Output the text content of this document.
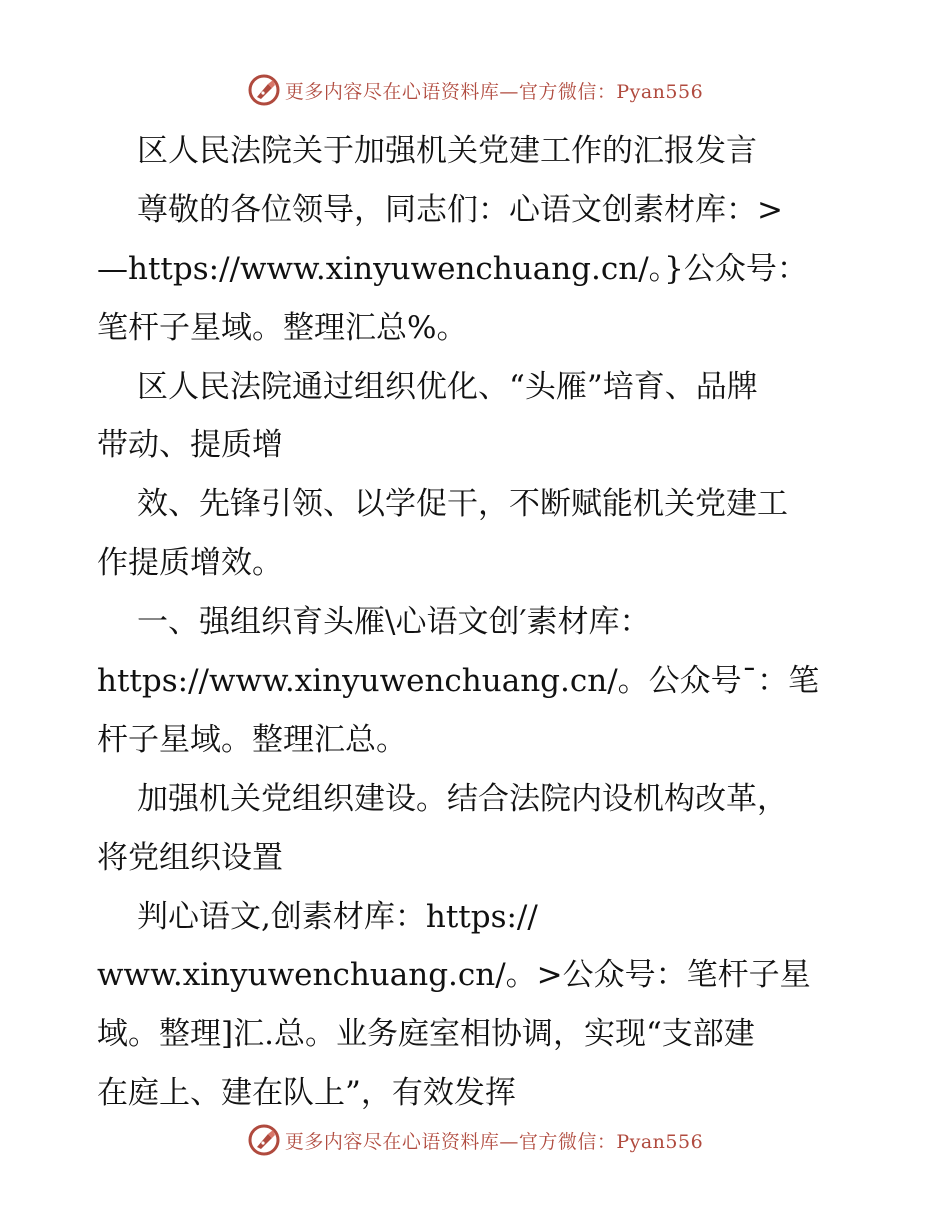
更多内容尽在心语资料库—官方微信：Pyan556
区人民法院关于加强机关党建工作的汇报发言
尊敬的各位领导，同志们：心语文创素材库：>
—https://www.xinyuwenchuang.cn/。}公众号：
笔杆子星域。整理汇总%。
区人民法院通过组织优化、“头雁”培育、品牌
带动、提质增
效、先锋引领、以学促干，不断赋能机关党建工
作提质增效。
一、强组织育头雁\心语文创′素材库：
https://www.xinyuwenchuang.cn/。公众号¯：笔
杆子星域。整理汇总。
加强机关党组织建设。结合法院内设机构改革，
将党组织设置
判心语文,创素材库：https://
www.xinyuwenchuang.cn/。>公众号：笔杆子星
域。整理]汇.总。业务庭室相协调，实现“支部建
在庭上、建在队上”，有效发挥
更多内容尽在心语资料库—官方微信：Pyan556
